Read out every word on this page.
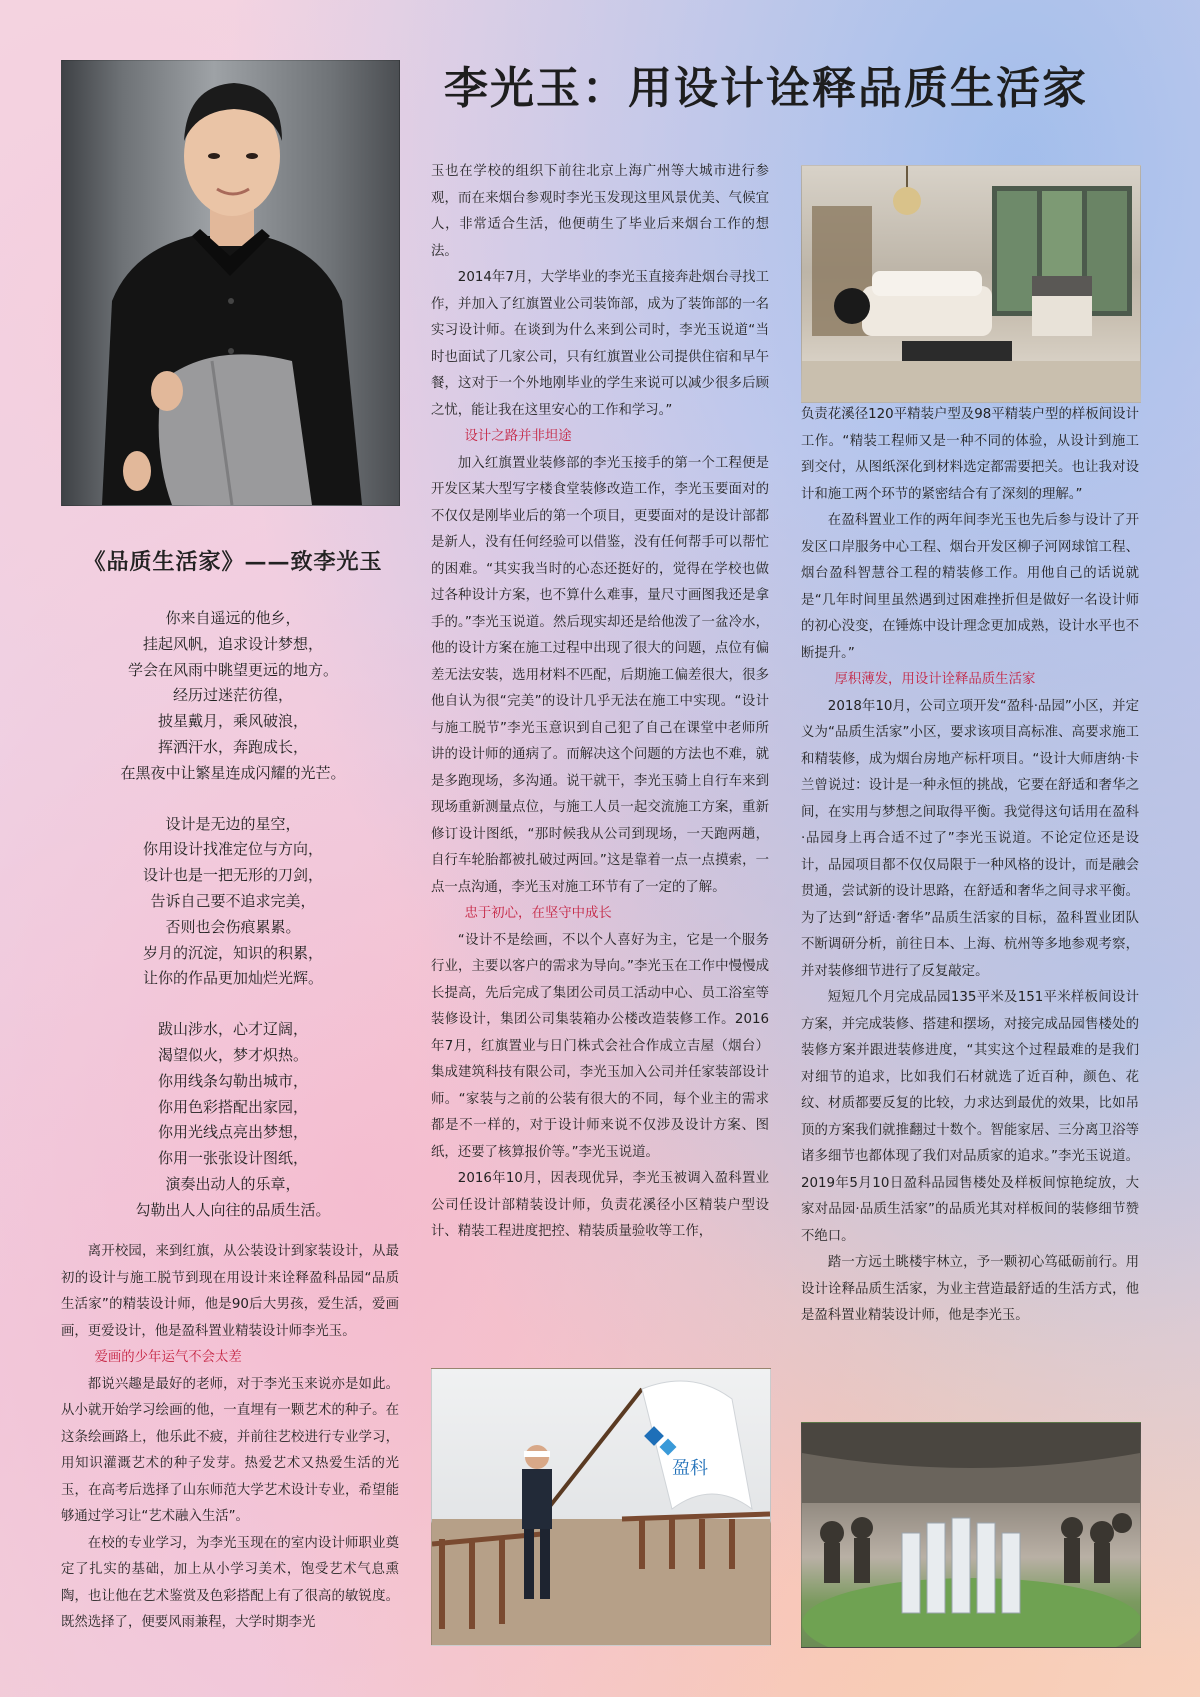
李光玉：用设计诠释品质生活家
《品质生活家》——致李光玉
你来自遥远的他乡，
挂起风帆，追求设计梦想，
学会在风雨中眺望更远的地方。
经历过迷茫彷徨，
披星戴月，乘风破浪，
挥洒汗水，奔跑成长，
在黑夜中让繁星连成闪耀的光芒。
设计是无边的星空，
你用设计找准定位与方向，
设计也是一把无形的刀剑，
告诉自己要不追求完美，
否则也会伤痕累累。
岁月的沉淀，知识的积累，
让你的作品更加灿烂光辉。
跋山涉水，心才辽阔，
渴望似火，梦才炽热。
你用线条勾勒出城市，
你用色彩搭配出家园，
你用光线点亮出梦想，
你用一张张设计图纸，
演奏出动人的乐章，
勾勒出人人向往的品质生活。

离开校园，来到红旗，从公装设计到家装设计，从最初的设计与施工脱节到现在用设计来诠释盈科品园“品质生活家”的精装设计师，他是90后大男孩，爱生活，爱画画，更爱设计，他是盈科置业精装设计师李光玉。

爱画的少年运气不会太差

都说兴趣是最好的老师，对于李光玉来说亦是如此。从小就开始学习绘画的他，一直埋有一颗艺术的种子。在这条绘画路上，他乐此不疲，并前往艺校进行专业学习，用知识灌溉艺术的种子发芽。热爱艺术又热爱生活的光玉，在高考后选择了山东师范大学艺术设计专业，希望能够通过学习让“艺术融入生活”。

在校的专业学习，为李光玉现在的室内设计师职业奠定了扎实的基础，加上从小学习美术，饱受艺术气息熏陶，也让他在艺术鉴赏及色彩搭配上有了很高的敏锐度。既然选择了，便要风雨兼程，大学时期李光

玉也在学校的组织下前往北京上海广州等大城市进行参观，而在来烟台参观时李光玉发现这里风景优美、气候宜人，非常适合生活，他便萌生了毕业后来烟台工作的想法。

2014年7月，大学毕业的李光玉直接奔赴烟台寻找工作，并加入了红旗置业公司装饰部，成为了装饰部的一名实习设计师。在谈到为什么来到公司时，李光玉说道“当时也面试了几家公司，只有红旗置业公司提供住宿和早午餐，这对于一个外地刚毕业的学生来说可以减少很多后顾之忧，能让我在这里安心的工作和学习。”

设计之路并非坦途

加入红旗置业装修部的李光玉接手的第一个工程便是开发区某大型写字楼食堂装修改造工作，李光玉要面对的不仅仅是刚毕业后的第一个项目，更要面对的是设计部都是新人，没有任何经验可以借鉴，没有任何帮手可以帮忙的困难。“其实我当时的心态还挺好的，觉得在学校也做过各种设计方案，也不算什么难事，量尺寸画图我还是拿手的。”李光玉说道。然后现实却还是给他泼了一盆冷水，他的设计方案在施工过程中出现了很大的问题，点位有偏差无法安装，选用材料不匹配，后期施工偏差很大，很多他自认为很“完美”的设计几乎无法在施工中实现。“设计与施工脱节”李光玉意识到自己犯了自己在课堂中老师所讲的设计师的通病了。而解决这个问题的方法也不难，就是多跑现场，多沟通。说干就干，李光玉骑上自行车来到现场重新测量点位，与施工人员一起交流施工方案，重新修订设计图纸，“那时候我从公司到现场，一天跑两趟，自行车轮胎都被扎破过两回。”这是靠着一点一点摸索，一点一点沟通，李光玉对施工环节有了一定的了解。

忠于初心，在坚守中成长

“设计不是绘画，不以个人喜好为主，它是一个服务行业，主要以客户的需求为导向。”李光玉在工作中慢慢成长提高，先后完成了集团公司员工活动中心、员工浴室等装修设计，集团公司集装箱办公楼改造装修工作。2016年7月，红旗置业与日门株式会社合作成立吉屋（烟台）集成建筑科技有限公司，李光玉加入公司并任家装部设计师。“家装与之前的公装有很大的不同，每个业主的需求都是不一样的，对于设计师来说不仅涉及设计方案、图纸，还要了核算报价等。”李光玉说道。

2016年10月，因表现优异，李光玉被调入盈科置业公司任设计部精装设计师，负责花溪径小区精装户型设计、精装工程进度把控、精装质量验收等工作，

负责花溪径120平精装户型及98平精装户型的样板间设计工作。“精装工程师又是一种不同的体验，从设计到施工到交付，从图纸深化到材料选定都需要把关。也让我对设计和施工两个环节的紧密结合有了深刻的理解。”

在盈科置业工作的两年间李光玉也先后参与设计了开发区口岸服务中心工程、烟台开发区柳子河网球馆工程、烟台盈科智慧谷工程的精装修工作。用他自己的话说就是“几年时间里虽然遇到过困难挫折但是做好一名设计师的初心没变，在锤炼中设计理念更加成熟，设计水平也不断提升。”

厚积薄发，用设计诠释品质生活家

2018年10月，公司立项开发“盈科·品园”小区，并定义为“品质生活家”小区，要求该项目高标准、高要求施工和精装修，成为烟台房地产标杆项目。“设计大师唐纳·卡兰曾说过：设计是一种永恒的挑战，它要在舒适和奢华之间，在实用与梦想之间取得平衡。我觉得这句话用在盈科·品园身上再合适不过了”李光玉说道。不论定位还是设计，品园项目都不仅仅局限于一种风格的设计，而是融会贯通，尝试新的设计思路，在舒适和奢华之间寻求平衡。为了达到“舒适·奢华”品质生活家的目标，盈科置业团队不断调研分析，前往日本、上海、杭州等多地参观考察，并对装修细节进行了反复敲定。

短短几个月完成品园135平米及151平米样板间设计方案，并完成装修、搭建和摆场，对接完成品园售楼处的装修方案并跟进装修进度，“其实这个过程最难的是我们对细节的追求，比如我们石材就选了近百种，颜色、花纹、材质都要反复的比较，力求达到最优的效果，比如吊顶的方案我们就推翻过十数个。智能家居、三分离卫浴等诸多细节也都体现了我们对品质家的追求。”李光玉说道。2019年5月10日盈科品园售楼处及样板间惊艳绽放，大家对品园·品质生活家”的品质光其对样板间的装修细节赞不绝口。

踏一方远土眺楼宇林立，予一颗初心笃砥砺前行。用设计诠释品质生活家，为业主营造最舒适的生活方式，他是盈科置业精装设计师，他是李光玉。

盈科
